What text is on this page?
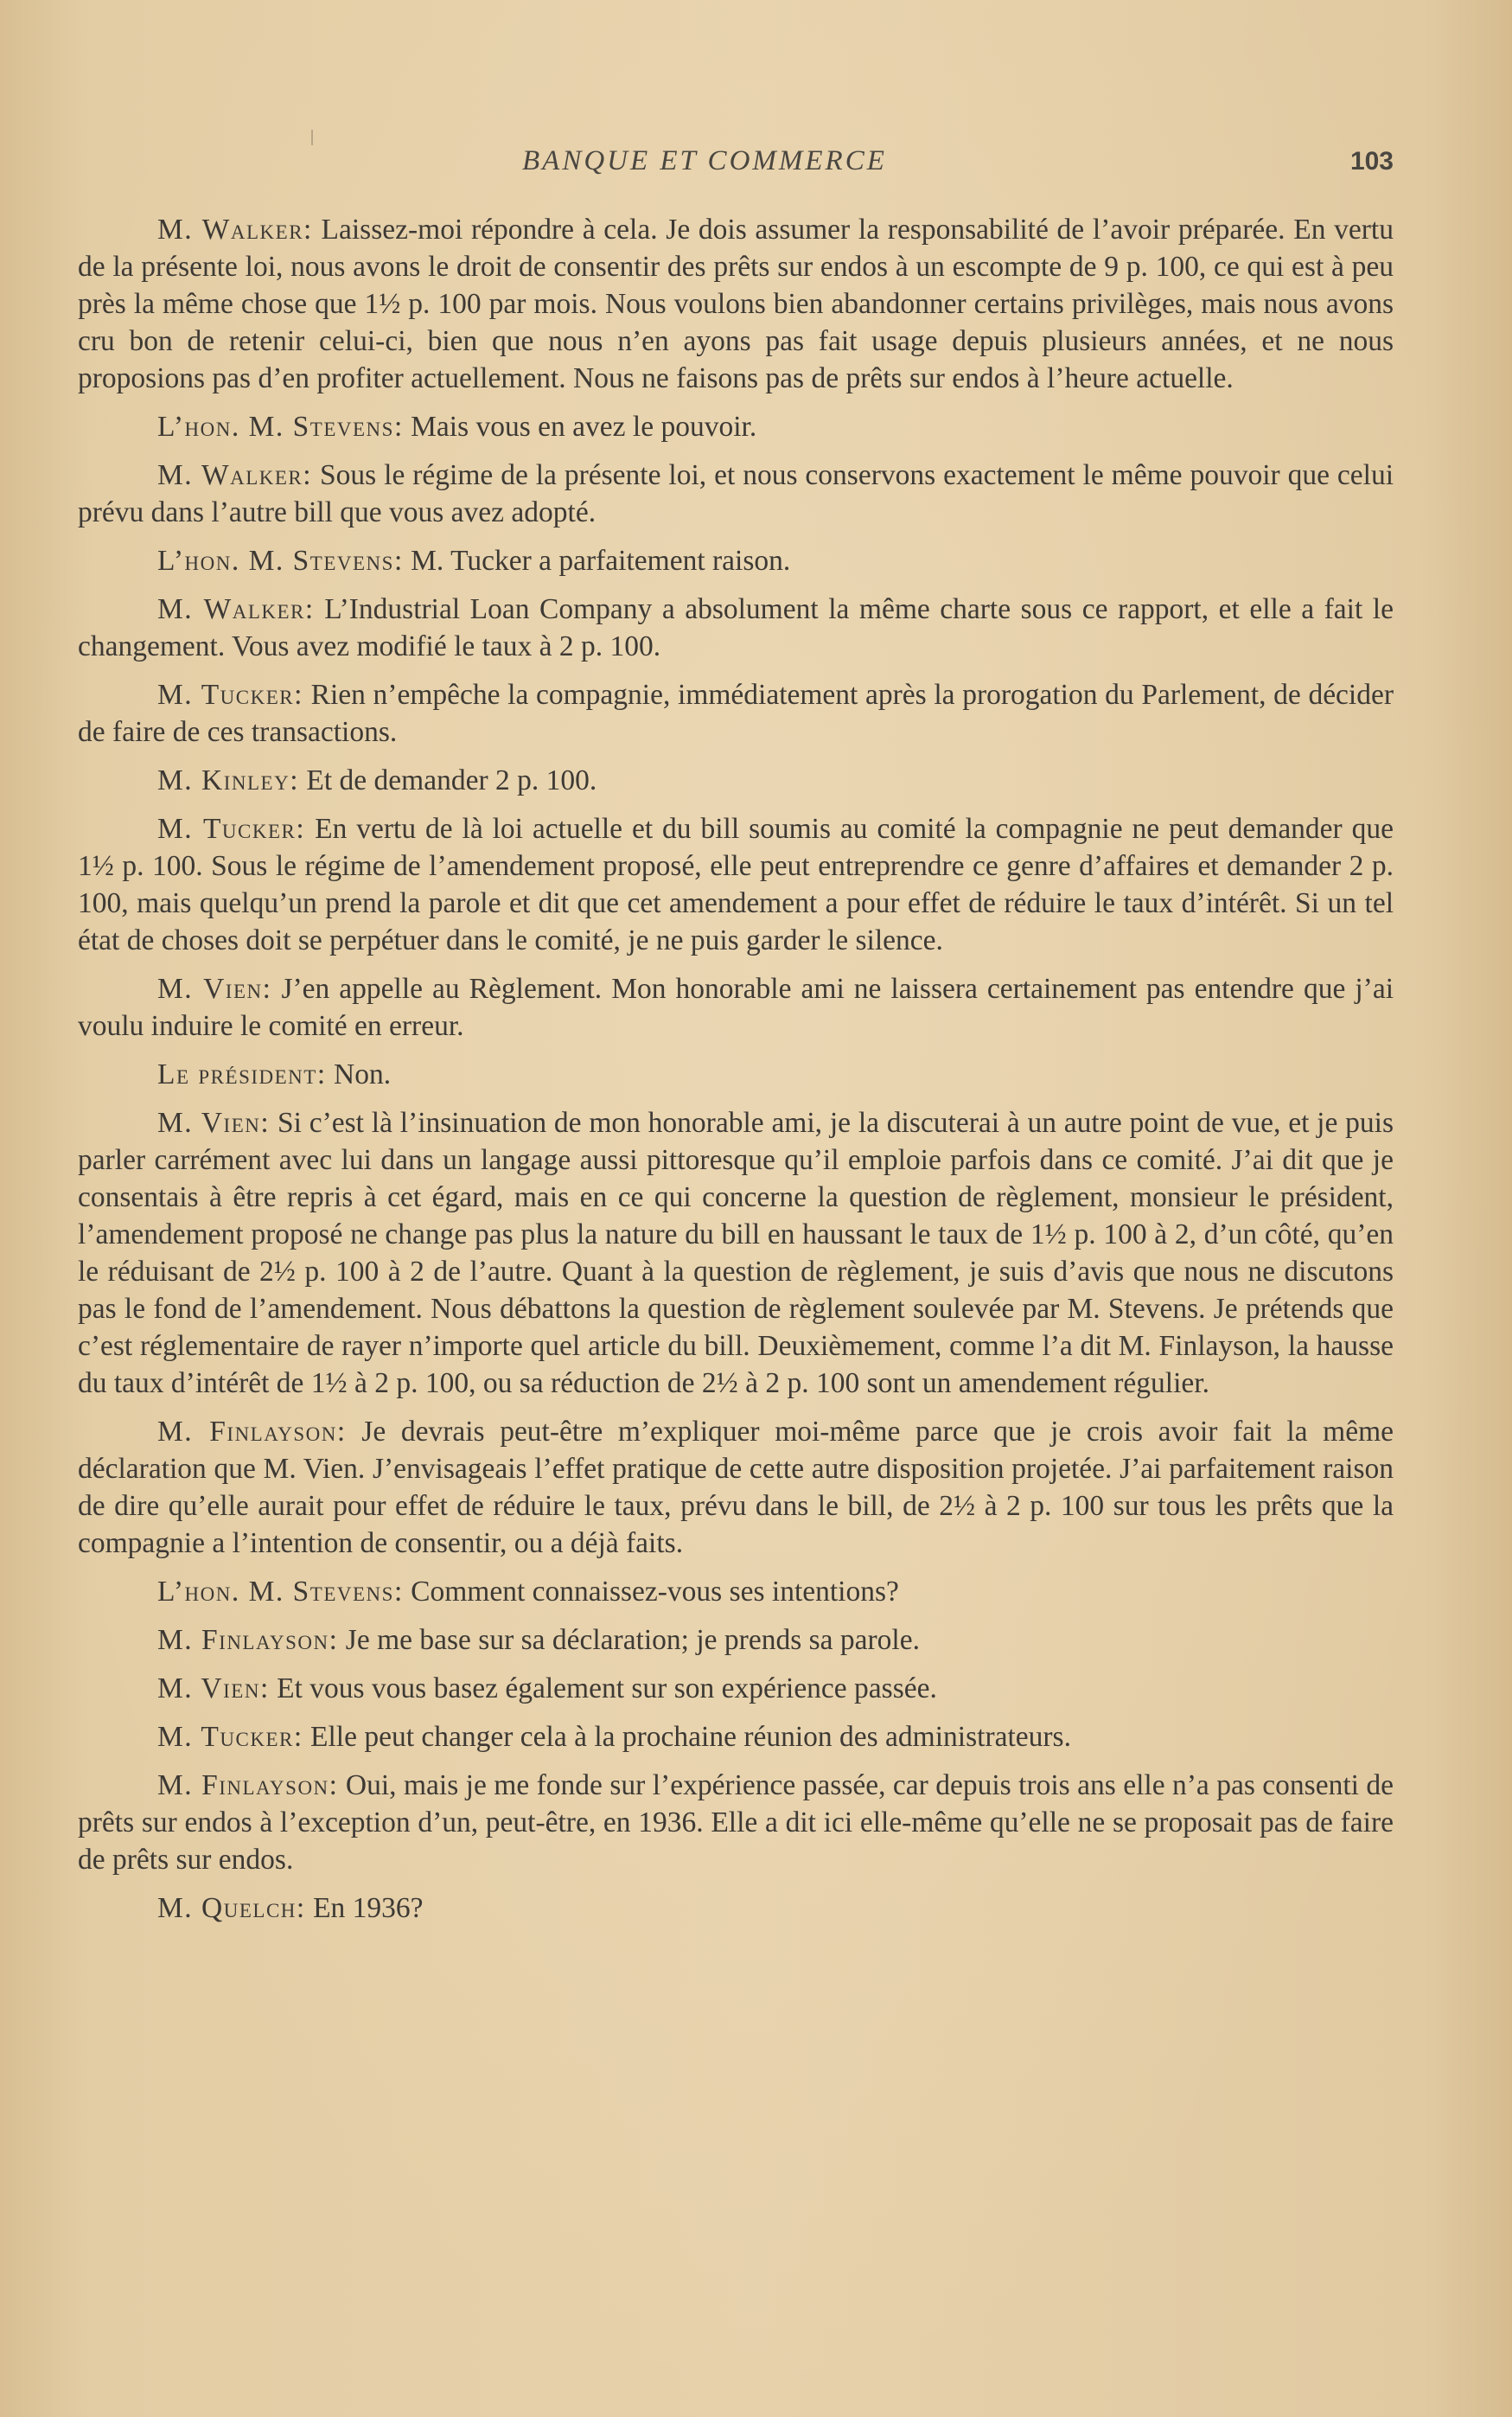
BANQUE ET COMMERCE	103

M. Walker: Laissez-moi répondre à cela. Je dois assumer la responsabilité de l’avoir préparée. En vertu de la présente loi, nous avons le droit de consentir des prêts sur endos à un escompte de 9 p. 100, ce qui est à peu près la même chose que 1½ p. 100 par mois. Nous voulons bien abandonner certains privilèges, mais nous avons cru bon de retenir celui-ci, bien que nous n’en ayons pas fait usage depuis plusieurs années, et ne nous proposions pas d’en profiter actuellement. Nous ne faisons pas de prêts sur endos à l’heure actuelle.

L’hon. M. Stevens: Mais vous en avez le pouvoir.

M. Walker: Sous le régime de la présente loi, et nous conservons exactement le même pouvoir que celui prévu dans l’autre bill que vous avez adopté.

L’hon. M. Stevens: M. Tucker a parfaitement raison.

M. Walker: L’Industrial Loan Company a absolument la même charte sous ce rapport, et elle a fait le changement. Vous avez modifié le taux à 2 p. 100.

M. Tucker: Rien n’empêche la compagnie, immédiatement après la prorogation du Parlement, de décider de faire de ces transactions.

M. Kinley: Et de demander 2 p. 100.

M. Tucker: En vertu de là loi actuelle et du bill soumis au comité la compagnie ne peut demander que 1½ p. 100. Sous le régime de l’amendement proposé, elle peut entreprendre ce genre d’affaires et demander 2 p. 100, mais quelqu’un prend la parole et dit que cet amendement a pour effet de réduire le taux d’intérêt. Si un tel état de choses doit se perpétuer dans le comité, je ne puis garder le silence.

M. Vien: J’en appelle au Règlement. Mon honorable ami ne laissera certainement pas entendre que j’ai voulu induire le comité en erreur.

Le président: Non.

M. Vien: Si c’est là l’insinuation de mon honorable ami, je la discuterai à un autre point de vue, et je puis parler carrément avec lui dans un langage aussi pittoresque qu’il emploie parfois dans ce comité. J’ai dit que je consentais à être repris à cet égard, mais en ce qui concerne la question de règlement, monsieur le président, l’amendement proposé ne change pas plus la nature du bill en haussant le taux de 1½ p. 100 à 2, d’un côté, qu’en le réduisant de 2½ p. 100 à 2 de l’autre. Quant à la question de règlement, je suis d’avis que nous ne discutons pas le fond de l’amendement. Nous débattons la question de règlement soulevée par M. Stevens. Je prétends que c’est réglementaire de rayer n’importe quel article du bill. Deuxièmement, comme l’a dit M. Finlayson, la hausse du taux d’intérêt de 1½ à 2 p. 100, ou sa réduction de 2½ à 2 p. 100 sont un amendement régulier.

M. Finlayson: Je devrais peut-être m’expliquer moi-même parce que je crois avoir fait la même déclaration que M. Vien. J’envisageais l’effet pratique de cette autre disposition projetée. J’ai parfaitement raison de dire qu’elle aurait pour effet de réduire le taux, prévu dans le bill, de 2½ à 2 p. 100 sur tous les prêts que la compagnie a l’intention de consentir, ou a déjà faits.

L’hon. M. Stevens: Comment connaissez-vous ses intentions?

M. Finlayson: Je me base sur sa déclaration; je prends sa parole.

M. Vien: Et vous vous basez également sur son expérience passée.

M. Tucker: Elle peut changer cela à la prochaine réunion des administrateurs.

M. Finlayson: Oui, mais je me fonde sur l’expérience passée, car depuis trois ans elle n’a pas consenti de prêts sur endos à l’exception d’un, peut-être, en 1936. Elle a dit ici elle-même qu’elle ne se proposait pas de faire de prêts sur endos.

M. Quelch: En 1936?
